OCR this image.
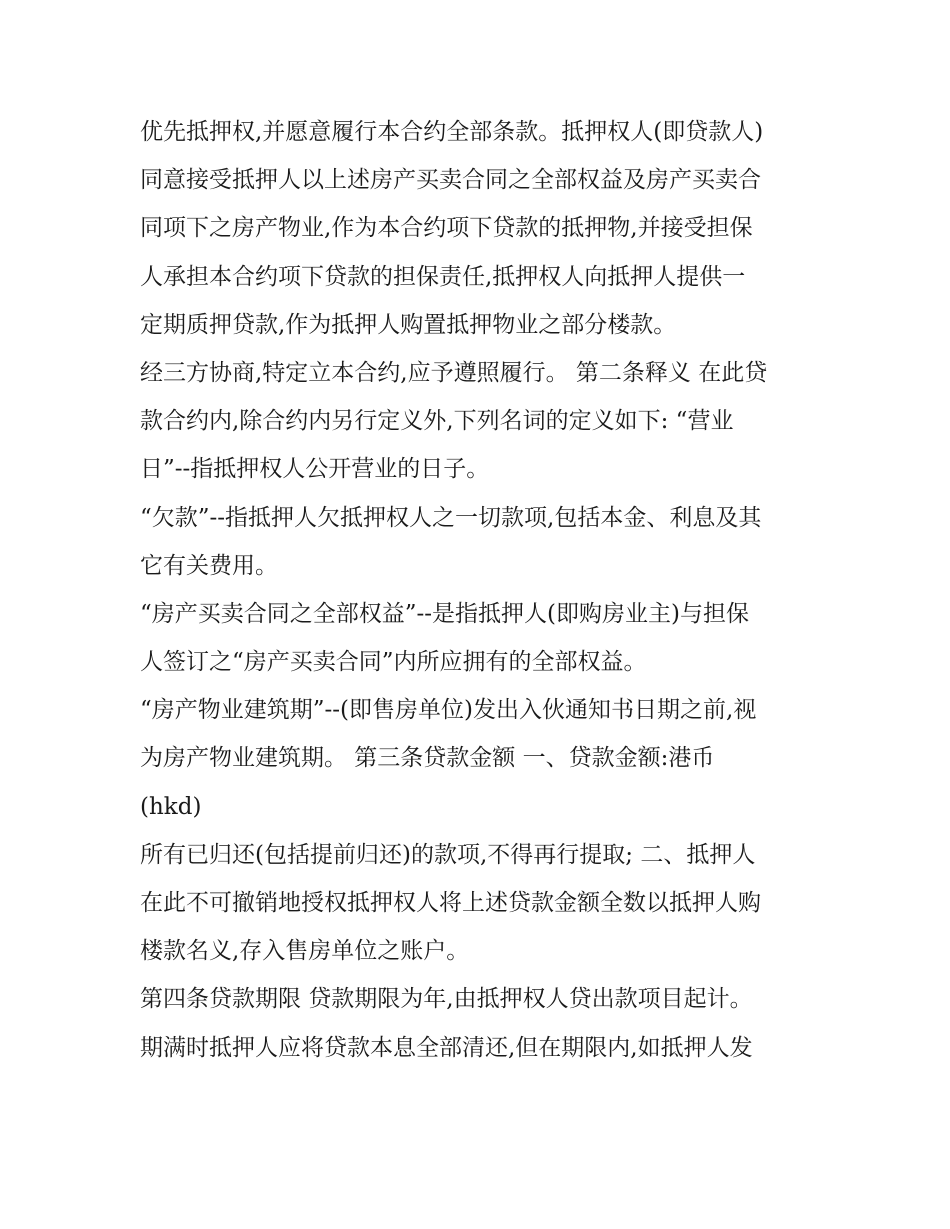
优先抵押权,并愿意履行本合约全部条款。抵押权人(即贷款人)
同意接受抵押人以上述房产买卖合同之全部权益及房产买卖合
同项下之房产物业,作为本合约项下贷款的抵押物,并接受担保
人承担本合约项下贷款的担保责任,抵押权人向抵押人提供一
定期质押贷款,作为抵押人购置抵押物业之部分楼款。
经三方协商,特定立本合约,应予遵照履行。 第二条释义 在此贷
款合约内,除合约内另行定义外,下列名词的定义如下: “营业
日”--指抵押权人公开营业的日子。
“欠款”--指抵押人欠抵押权人之一切款项,包括本金、利息及其
它有关费用。
“房产买卖合同之全部权益”--是指抵押人(即购房业主)与担保
人签订之“房产买卖合同”内所应拥有的全部权益。
“房产物业建筑期”--(即售房单位)发出入伙通知书日期之前,视
为房产物业建筑期。 第三条贷款金额 一、贷款金额:港币
(hkd)
所有已归还(包括提前归还)的款项,不得再行提取; 二、抵押人
在此不可撤销地授权抵押权人将上述贷款金额全数以抵押人购
楼款名义,存入售房单位之账户。
第四条贷款期限 贷款期限为年,由抵押权人贷出款项目起计。
期满时抵押人应将贷款本息全部清还,但在期限内,如抵押人发
